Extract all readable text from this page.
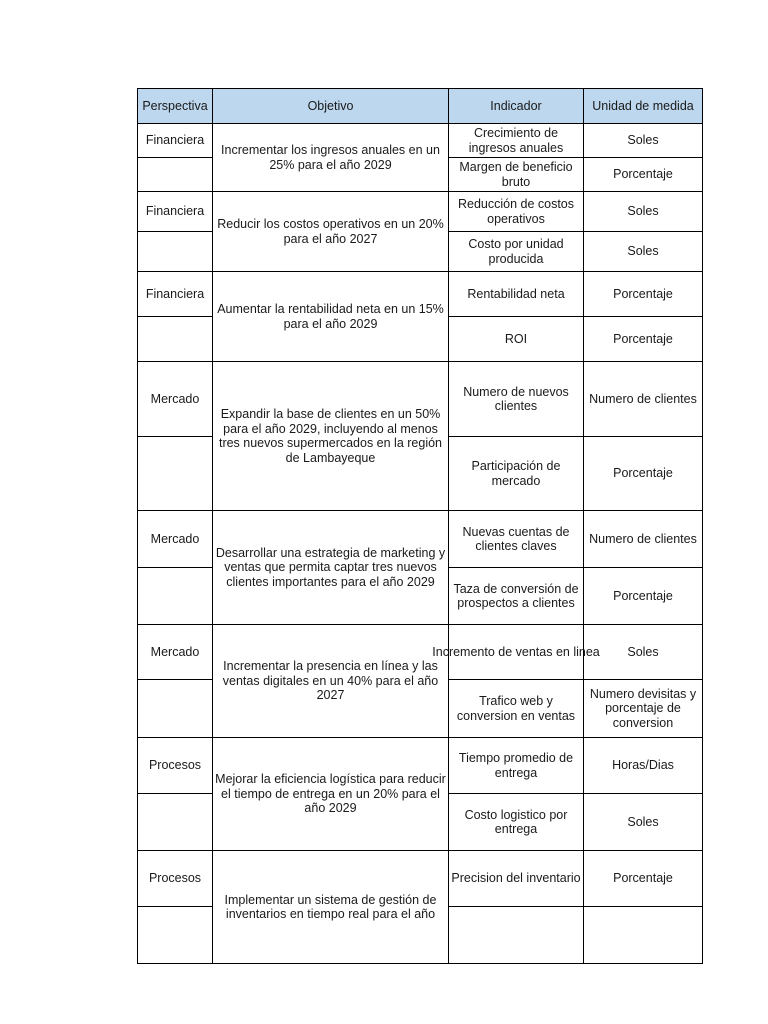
Perspectiva	Objetivo	Indicador	Unidad de medida
Financiera	Incrementar los ingresos anuales en un 25% para el año 2029	Crecimiento de ingresos anuales	Soles
		Margen de beneficio bruto	Porcentaje
Financiera	Reducir los costos operativos en un 20% para el año 2027	Reducción de costos operativos	Soles
		Costo por unidad producida	Soles
Financiera	Aumentar la rentabilidad neta en un 15% para el año 2029	Rentabilidad neta	Porcentaje
		ROI	Porcentaje
Mercado	Expandir la base de clientes en un 50% para el año 2029, incluyendo al menos tres nuevos supermercados en la región de Lambayeque	Numero de nuevos clientes	Numero de clientes
		Participación de mercado	Porcentaje
Mercado	Desarrollar una estrategia de marketing y ventas que permita captar tres nuevos clientes importantes para el año 2029	Nuevas cuentas de clientes claves	Numero de clientes
		Taza de conversión de prospectos a clientes	Porcentaje
Mercado	Incrementar la presencia en línea y las ventas digitales en un 40% para el año 2027	Incremento de ventas en linea	Soles
		Trafico web y conversion en ventas	Numero devisitas y porcentaje de conversion
Procesos	Mejorar la eficiencia logística para reducir el tiempo de entrega en un 20% para el año 2029	Tiempo promedio de entrega	Horas/Dias
		Costo logistico por entrega	Soles
Procesos	Implementar un sistema de gestión de inventarios en tiempo real para el año	Precision del inventario	Porcentaje
